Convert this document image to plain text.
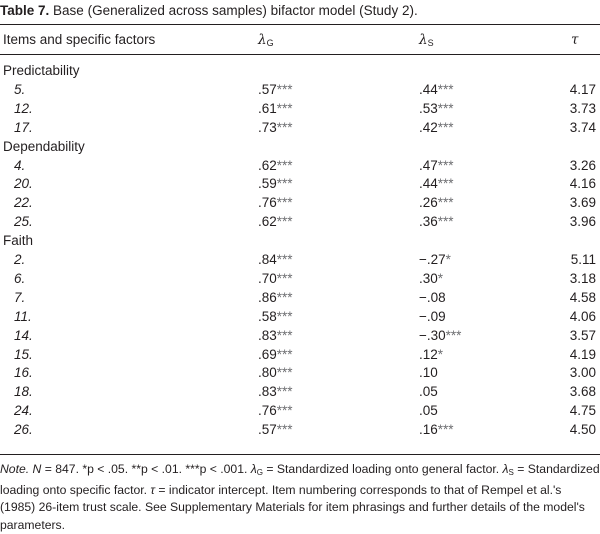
Table 7. Base (Generalized across samples) bifactor model (Study 2).
Items and specific factors	$\lambda_G$	$\lambda_S$	τ
Predictability
5.	.57***	.44***	4.17
12.	.61***	.53***	3.73
17.	.73***	.42***	3.74
Dependability
4.	.62***	.47***	3.26
20.	.59***	.44***	4.16
22.	.76***	.26***	3.69
25.	.62***	.36***	3.96
Faith
2.	.84***	−.27*	5.11
6.	.70***	.30*	3.18
7.	.86***	−.08	4.58
11.	.58***	−.09	4.06
14.	.83***	−.30***	3.57
15.	.69***	.12*	4.19
16.	.80***	.10	3.00
18.	.83***	.05	3.68
24.	.76***	.05	4.75
26.	.57***	.16***	4.50
Note. N = 847. *p < .05. **p < .01. ***p < .001. $\lambda_G$ = Standardized loading onto general factor. $\lambda_S$ = Standardized loading onto specific factor. τ = indicator intercept. Item numbering corresponds to that of Rempel et al.'s (1985) 26-item trust scale. See Supplementary Materials for item phrasings and further details of the model's parameters.
